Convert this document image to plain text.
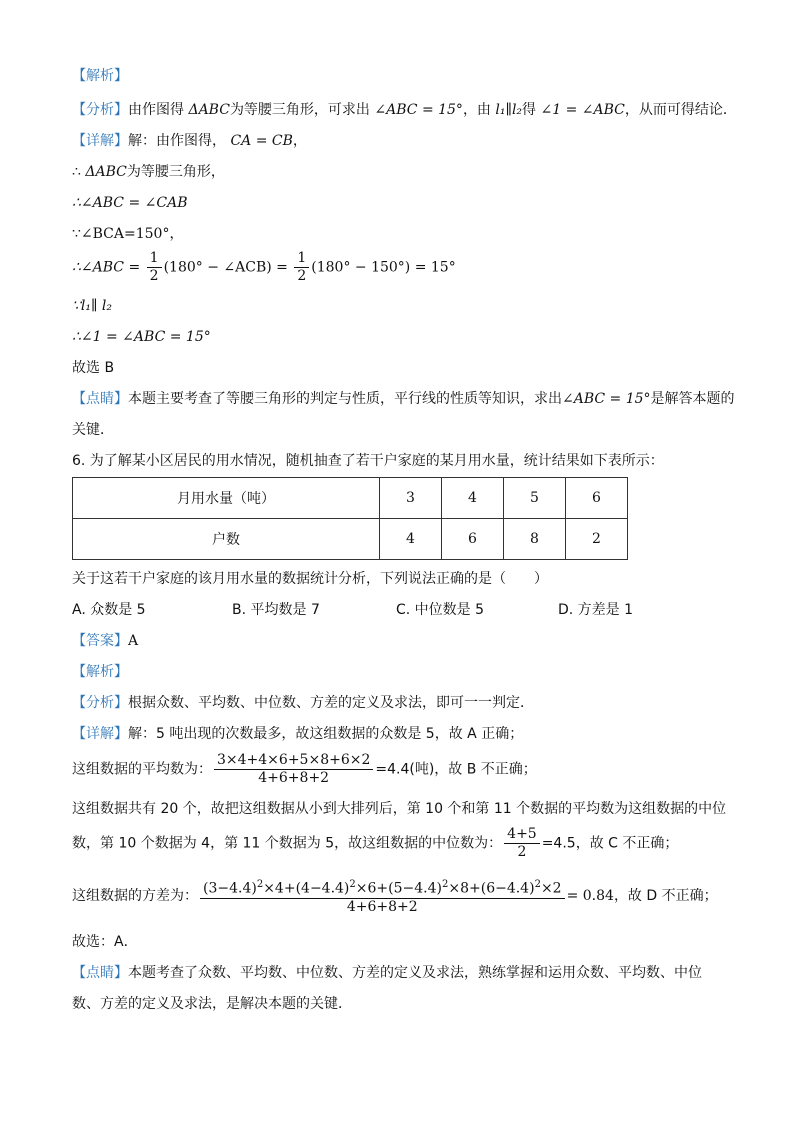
【解析】
【分析】由作图得 ΔABC为等腰三角形，可求出 ∠ABC = 15°，由 l₁∥l₂得 ∠1 = ∠ABC，从而可得结论．
【详解】解：由作图得， CA = CB，
∴ ΔABC为等腰三角形，
∴∠ABC = ∠CAB
∵∠BCA=150°，
∴∠ABC = $\frac{1}{2} (180^\circ$ − ∠ACB) = $\frac{1}{2} (180^\circ - 150^\circ) = 15^\circ$
∵l₁∥ l₂
∴∠1 = ∠ABC = 15°
故选 B
【点睛】本题主要考查了等腰三角形的判定与性质，平行线的性质等知识，求出∠ABC = 15°是解答本题的
关键．
6. 为了解某小区居民的用水情况，随机抽查了若干户家庭的某月用水量，统计结果如下表所示：
月用水量（吨）	3	4	5	6
户数	4	6	8	2
关于这若干户家庭的该月用水量的数据统计分析，下列说法正确的是（　　）
A. 众数是 5	B. 平均数是 7	C. 中位数是 5	D. 方差是 1
【答案】A
【解析】
【分析】根据众数、平均数、中位数、方差的定义及求法，即可一一判定．
【详解】解：5 吨出现的次数最多，故这组数据的众数是 5，故 A 正确；
这组数据的平均数为： $\frac{3\times 4+4\times 6+5\times 8+6\times 2}{4+6+8+2} =4.4$(吨)，故 B 不正确；
这组数据共有 20 个，故把这组数据从小到大排列后，第 10 个和第 11 个数据的平均数为这组数据的中位
数，第 10 个数据为 4，第 11 个数据为 5，故这组数据的中位数为： $\frac{4+5}{2} =4.5$，故 C 不正确；
这组数据的方差为： $\frac{(3-4.4)^2\times 4+(4-4.4)^2\times 6+(5-4.4)^2\times 8+(6-4.4)^2\times 2}{4+6+8+2} = 0.84$，故 D 不正确；
故选：A．
【点睛】本题考查了众数、平均数、中位数、方差的定义及求法，熟练掌握和运用众数、平均数、中位
数、方差的定义及求法，是解决本题的关键．
